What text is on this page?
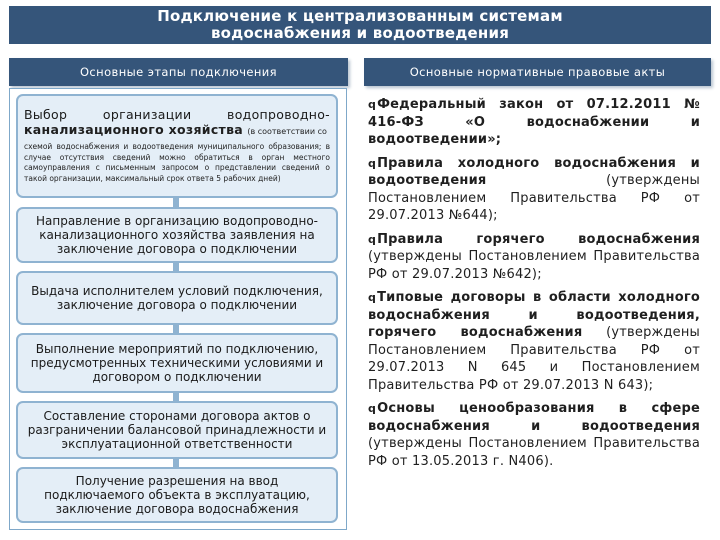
Подключение к централизованным системам
водоснабжения и водоотведения
Основные этапы подключения	Основные нормативные правовые акты
Выбор организации водопроводно-
канализационного хозяйства (в соответствии со
схемой водоснабжения и водоотведения муниципального образования; в случае отсутствия сведений можно обратиться в орган местного самоуправления с письменным запросом о представлении сведений о такой организации, максимальный срок ответа 5 рабочих дней)
Направление в организацию водопроводно-канализационного хозяйства заявления на заключение договора о подключении
Выдача исполнителем условий подключения, заключение договора о подключении
Выполнение мероприятий по подключению, предусмотренных техническими условиями и договором о подключении
Составление сторонами договора актов о разграничении балансовой принадлежности и эксплуатационной ответственности
Получение разрешения на ввод подключаемого объекта в эксплуатацию, заключение договора водоснабжения
qФедеральный закон от 07.12.2011 № 416-ФЗ «О водоснабжении и водоотведении»;
qПравила холодного водоснабжения и водоотведения (утверждены Постановлением Правительства РФ от 29.07.2013 №644);
qПравила горячего водоснабжения (утверждены Постановлением Правительства РФ от 29.07.2013 №642);
qТиповые договоры в области холодного водоснабжения и водоотведения, горячего водоснабжения (утверждены Постановлением Правительства РФ от 29.07.2013 N 645 и Постановлением Правительства РФ от 29.07.2013 N 643);
qОсновы ценообразования в сфере водоснабжения и водоотведения (утверждены Постановлением Правительства РФ от 13.05.2013 г. N406).
